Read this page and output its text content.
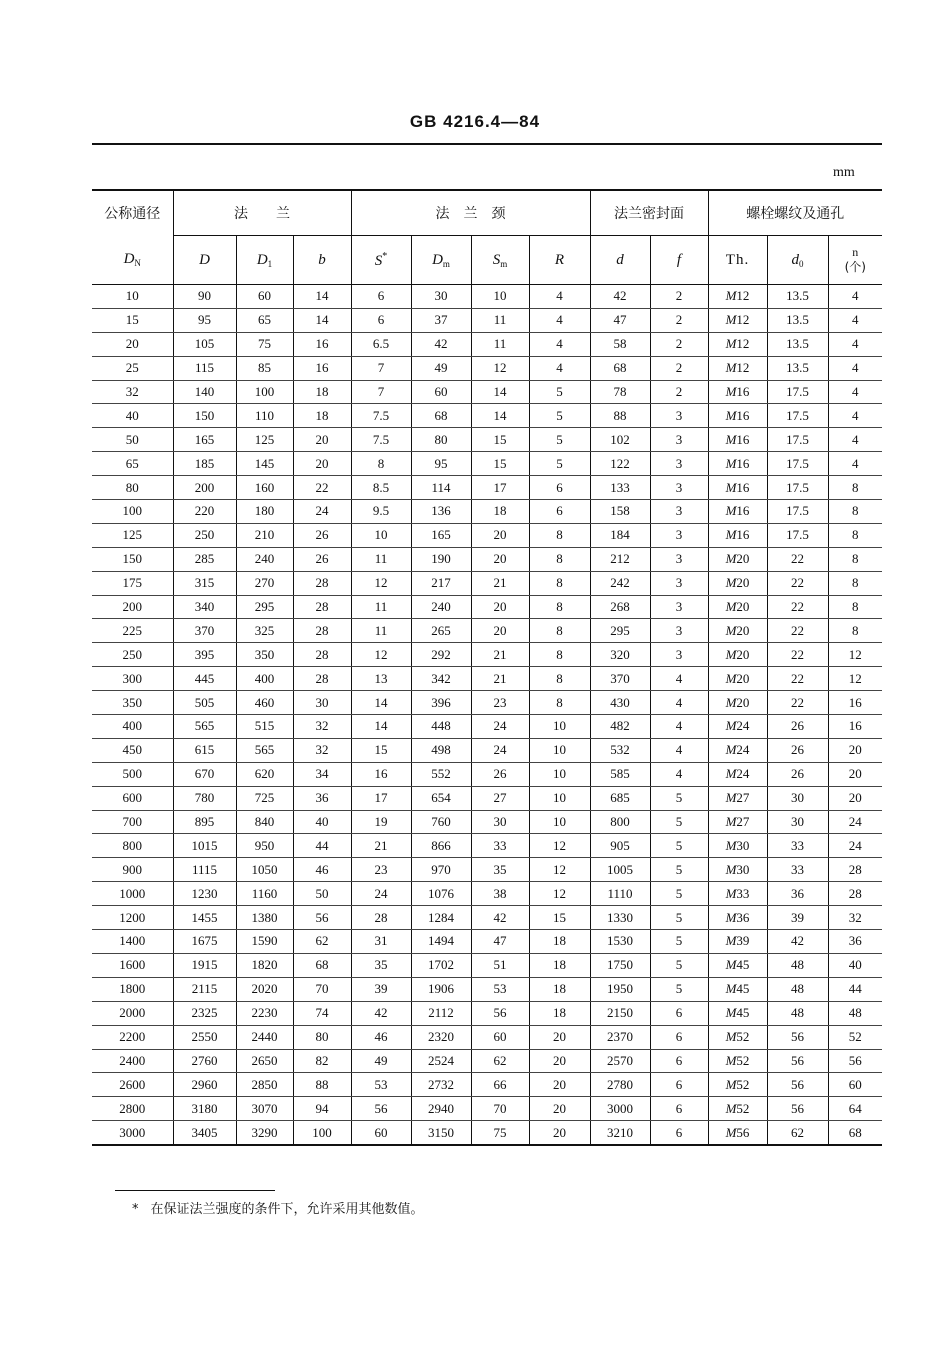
GB 4216.4—84
mm
公称通径	法　　兰			法　兰　颈				法兰密封面		螺栓螺纹及通孔		
$D_N$	D	$D_1$	b	S*	$D_m$	$S_m$	R	d	f	Th.	$d_0$	n
(个)

10	90	60	14	6	30	10	4	42	2	M12	13.5	4
15	95	65	14	6	37	11	4	47	2	M12	13.5	4
20	105	75	16	6.5	42	11	4	58	2	M12	13.5	4
25	115	85	16	7	49	12	4	68	2	M12	13.5	4
32	140	100	18	7	60	14	5	78	2	M16	17.5	4
40	150	110	18	7.5	68	14	5	88	3	M16	17.5	4
50	165	125	20	7.5	80	15	5	102	3	M16	17.5	4
65	185	145	20	8	95	15	5	122	3	M16	17.5	4
80	200	160	22	8.5	114	17	6	133	3	M16	17.5	8
100	220	180	24	9.5	136	18	6	158	3	M16	17.5	8
125	250	210	26	10	165	20	8	184	3	M16	17.5	8
150	285	240	26	11	190	20	8	212	3	M20	22	8
175	315	270	28	12	217	21	8	242	3	M20	22	8
200	340	295	28	11	240	20	8	268	3	M20	22	8
225	370	325	28	11	265	20	8	295	3	M20	22	8
250	395	350	28	12	292	21	8	320	3	M20	22	12
300	445	400	28	13	342	21	8	370	4	M20	22	12
350	505	460	30	14	396	23	8	430	4	M20	22	16
400	565	515	32	14	448	24	10	482	4	M24	26	16
450	615	565	32	15	498	24	10	532	4	M24	26	20
500	670	620	34	16	552	26	10	585	4	M24	26	20
600	780	725	36	17	654	27	10	685	5	M27	30	20
700	895	840	40	19	760	30	10	800	5	M27	30	24
800	1015	950	44	21	866	33	12	905	5	M30	33	24
900	1115	1050	46	23	970	35	12	1005	5	M30	33	28
1000	1230	1160	50	24	1076	38	12	1110	5	M33	36	28
1200	1455	1380	56	28	1284	42	15	1330	5	M36	39	32
1400	1675	1590	62	31	1494	47	18	1530	5	M39	42	36
1600	1915	1820	68	35	1702	51	18	1750	5	M45	48	40
1800	2115	2020	70	39	1906	53	18	1950	5	M45	48	44
2000	2325	2230	74	42	2112	56	18	2150	6	M45	48	48
2200	2550	2440	80	46	2320	60	20	2370	6	M52	56	52
2400	2760	2650	82	49	2524	62	20	2570	6	M52	56	56
2600	2960	2850	88	53	2732	66	20	2780	6	M52	56	60
2800	3180	3070	94	56	2940	70	20	3000	6	M52	56	64
3000	3405	3290	100	60	3150	75	20	3210	6	M56	62	68
* 在保证法兰强度的条件下，允许采用其他数值。
